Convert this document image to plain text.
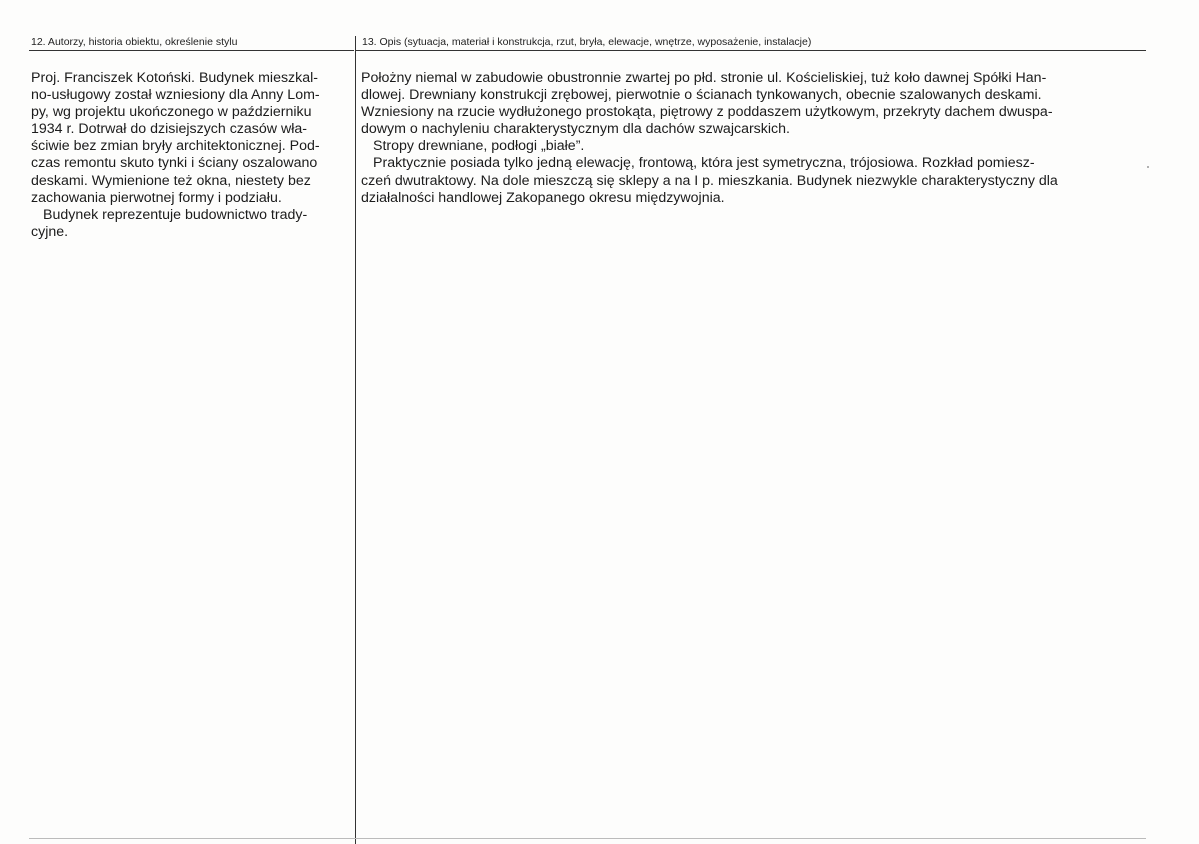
12. Autorzy, historia obiektu, określenie stylu	13. Opis (sytuacja, materiał i konstrukcja, rzut, bryła, elewacje, wnętrze, wyposażenie, instalacje)
Proj. Franciszek Kotoński. Budynek mieszkal-
no-usługowy został wzniesiony dla Anny Lom-
py, wg projektu ukończonego w październiku
1934 r. Dotrwał do dzisiejszych czasów wła-
ściwie bez zmian bryły architektonicznej. Pod-
czas remontu skuto tynki i ściany oszalowano
deskami. Wymienione też okna, niestety bez
zachowania pierwotnej formy i podziału.
Budynek reprezentuje budownictwo trady-
cyjne.
Położny niemal w zabudowie obustronnie zwartej po płd. stronie ul. Kościeliskiej, tuż koło dawnej Spółki Han-
dlowej. Drewniany konstrukcji zrębowej, pierwotnie o ścianach tynkowanych, obecnie szalowanych deskami.
Wzniesiony na rzucie wydłużonego prostokąta, piętrowy z poddaszem użytkowym, przekryty dachem dwuspa-
dowym o nachyleniu charakterystycznym dla dachów szwajcarskich.
Stropy drewniane, podłogi „białe”.
Praktycznie posiada tylko jedną elewację, frontową, która jest symetryczna, trójosiowa. Rozkład pomiesz-
czeń dwutraktowy. Na dole mieszczą się sklepy a na I p. mieszkania. Budynek niezwykle charakterystyczny dla
działalności handlowej Zakopanego okresu międzywojnia.
